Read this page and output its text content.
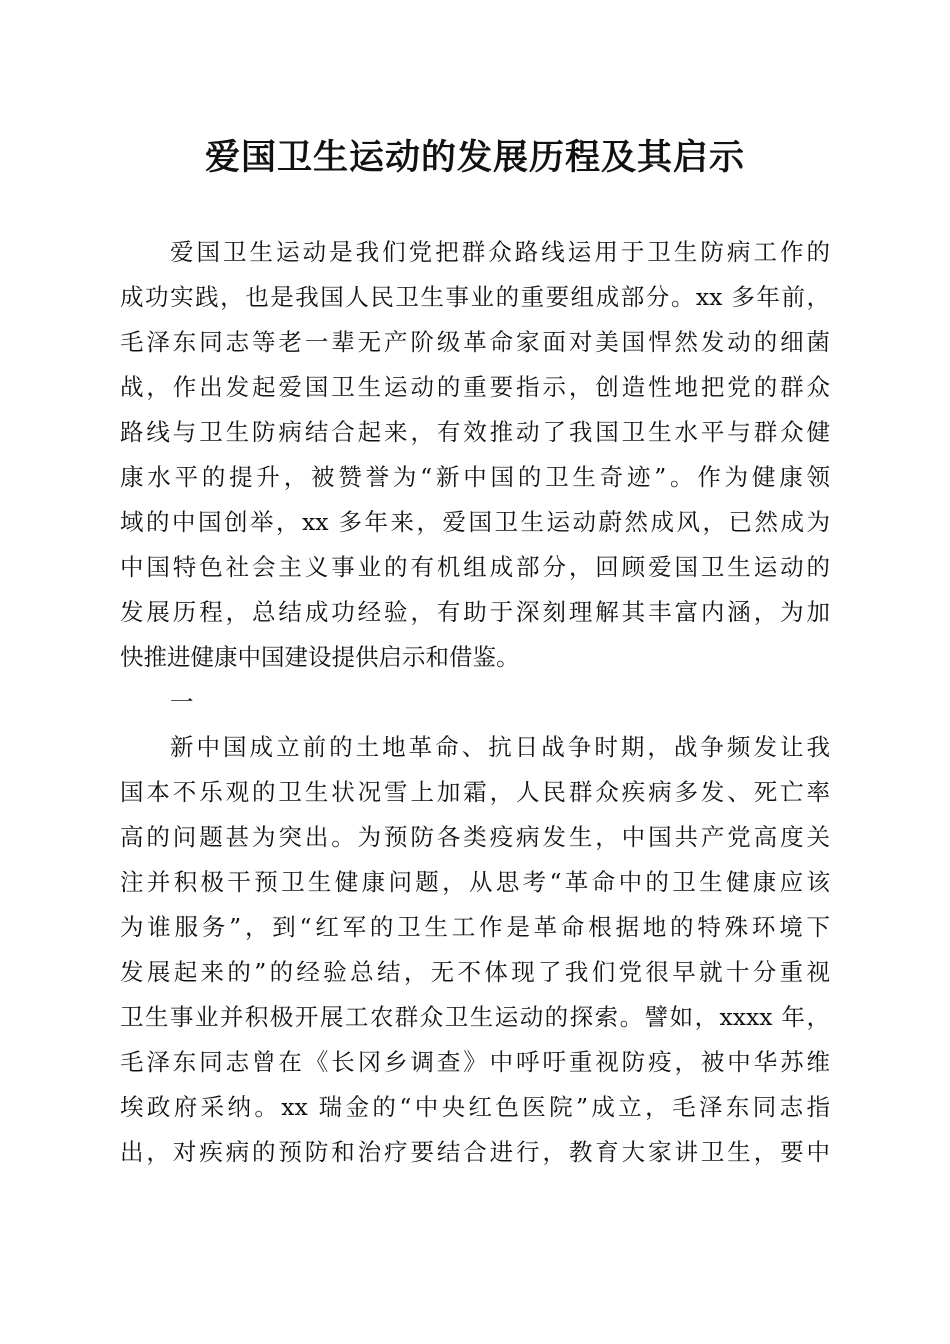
爱国卫生运动的发展历程及其启示
爱国卫生运动是我们党把群众路线运用于卫生防病工作的
成功实践，也是我国人民卫生事业的重要组成部分。xx 多年前，
毛泽东同志等老一辈无产阶级革命家面对美国悍然发动的细菌
战，作出发起爱国卫生运动的重要指示，创造性地把党的群众
路线与卫生防病结合起来，有效推动了我国卫生水平与群众健
康水平的提升，被赞誉为“新中国的卫生奇迹”。作为健康领
域的中国创举，xx 多年来，爱国卫生运动蔚然成风，已然成为
中国特色社会主义事业的有机组成部分，回顾爱国卫生运动的
发展历程，总结成功经验，有助于深刻理解其丰富内涵，为加
快推进健康中国建设提供启示和借鉴。
一
新中国成立前的土地革命、抗日战争时期，战争频发让我
国本不乐观的卫生状况雪上加霜，人民群众疾病多发、死亡率
高的问题甚为突出。为预防各类疫病发生，中国共产党高度关
注并积极干预卫生健康问题，从思考“革命中的卫生健康应该
为谁服务”，到“红军的卫生工作是革命根据地的特殊环境下
发展起来的”的经验总结，无不体现了我们党很早就十分重视
卫生事业并积极开展工农群众卫生运动的探索。譬如，xxxx 年，
毛泽东同志曾在《长冈乡调查》中呼吁重视防疫，被中华苏维
埃政府采纳。xx 瑞金的“中央红色医院”成立，毛泽东同志指
出，对疾病的预防和治疗要结合进行，教育大家讲卫生，要中
